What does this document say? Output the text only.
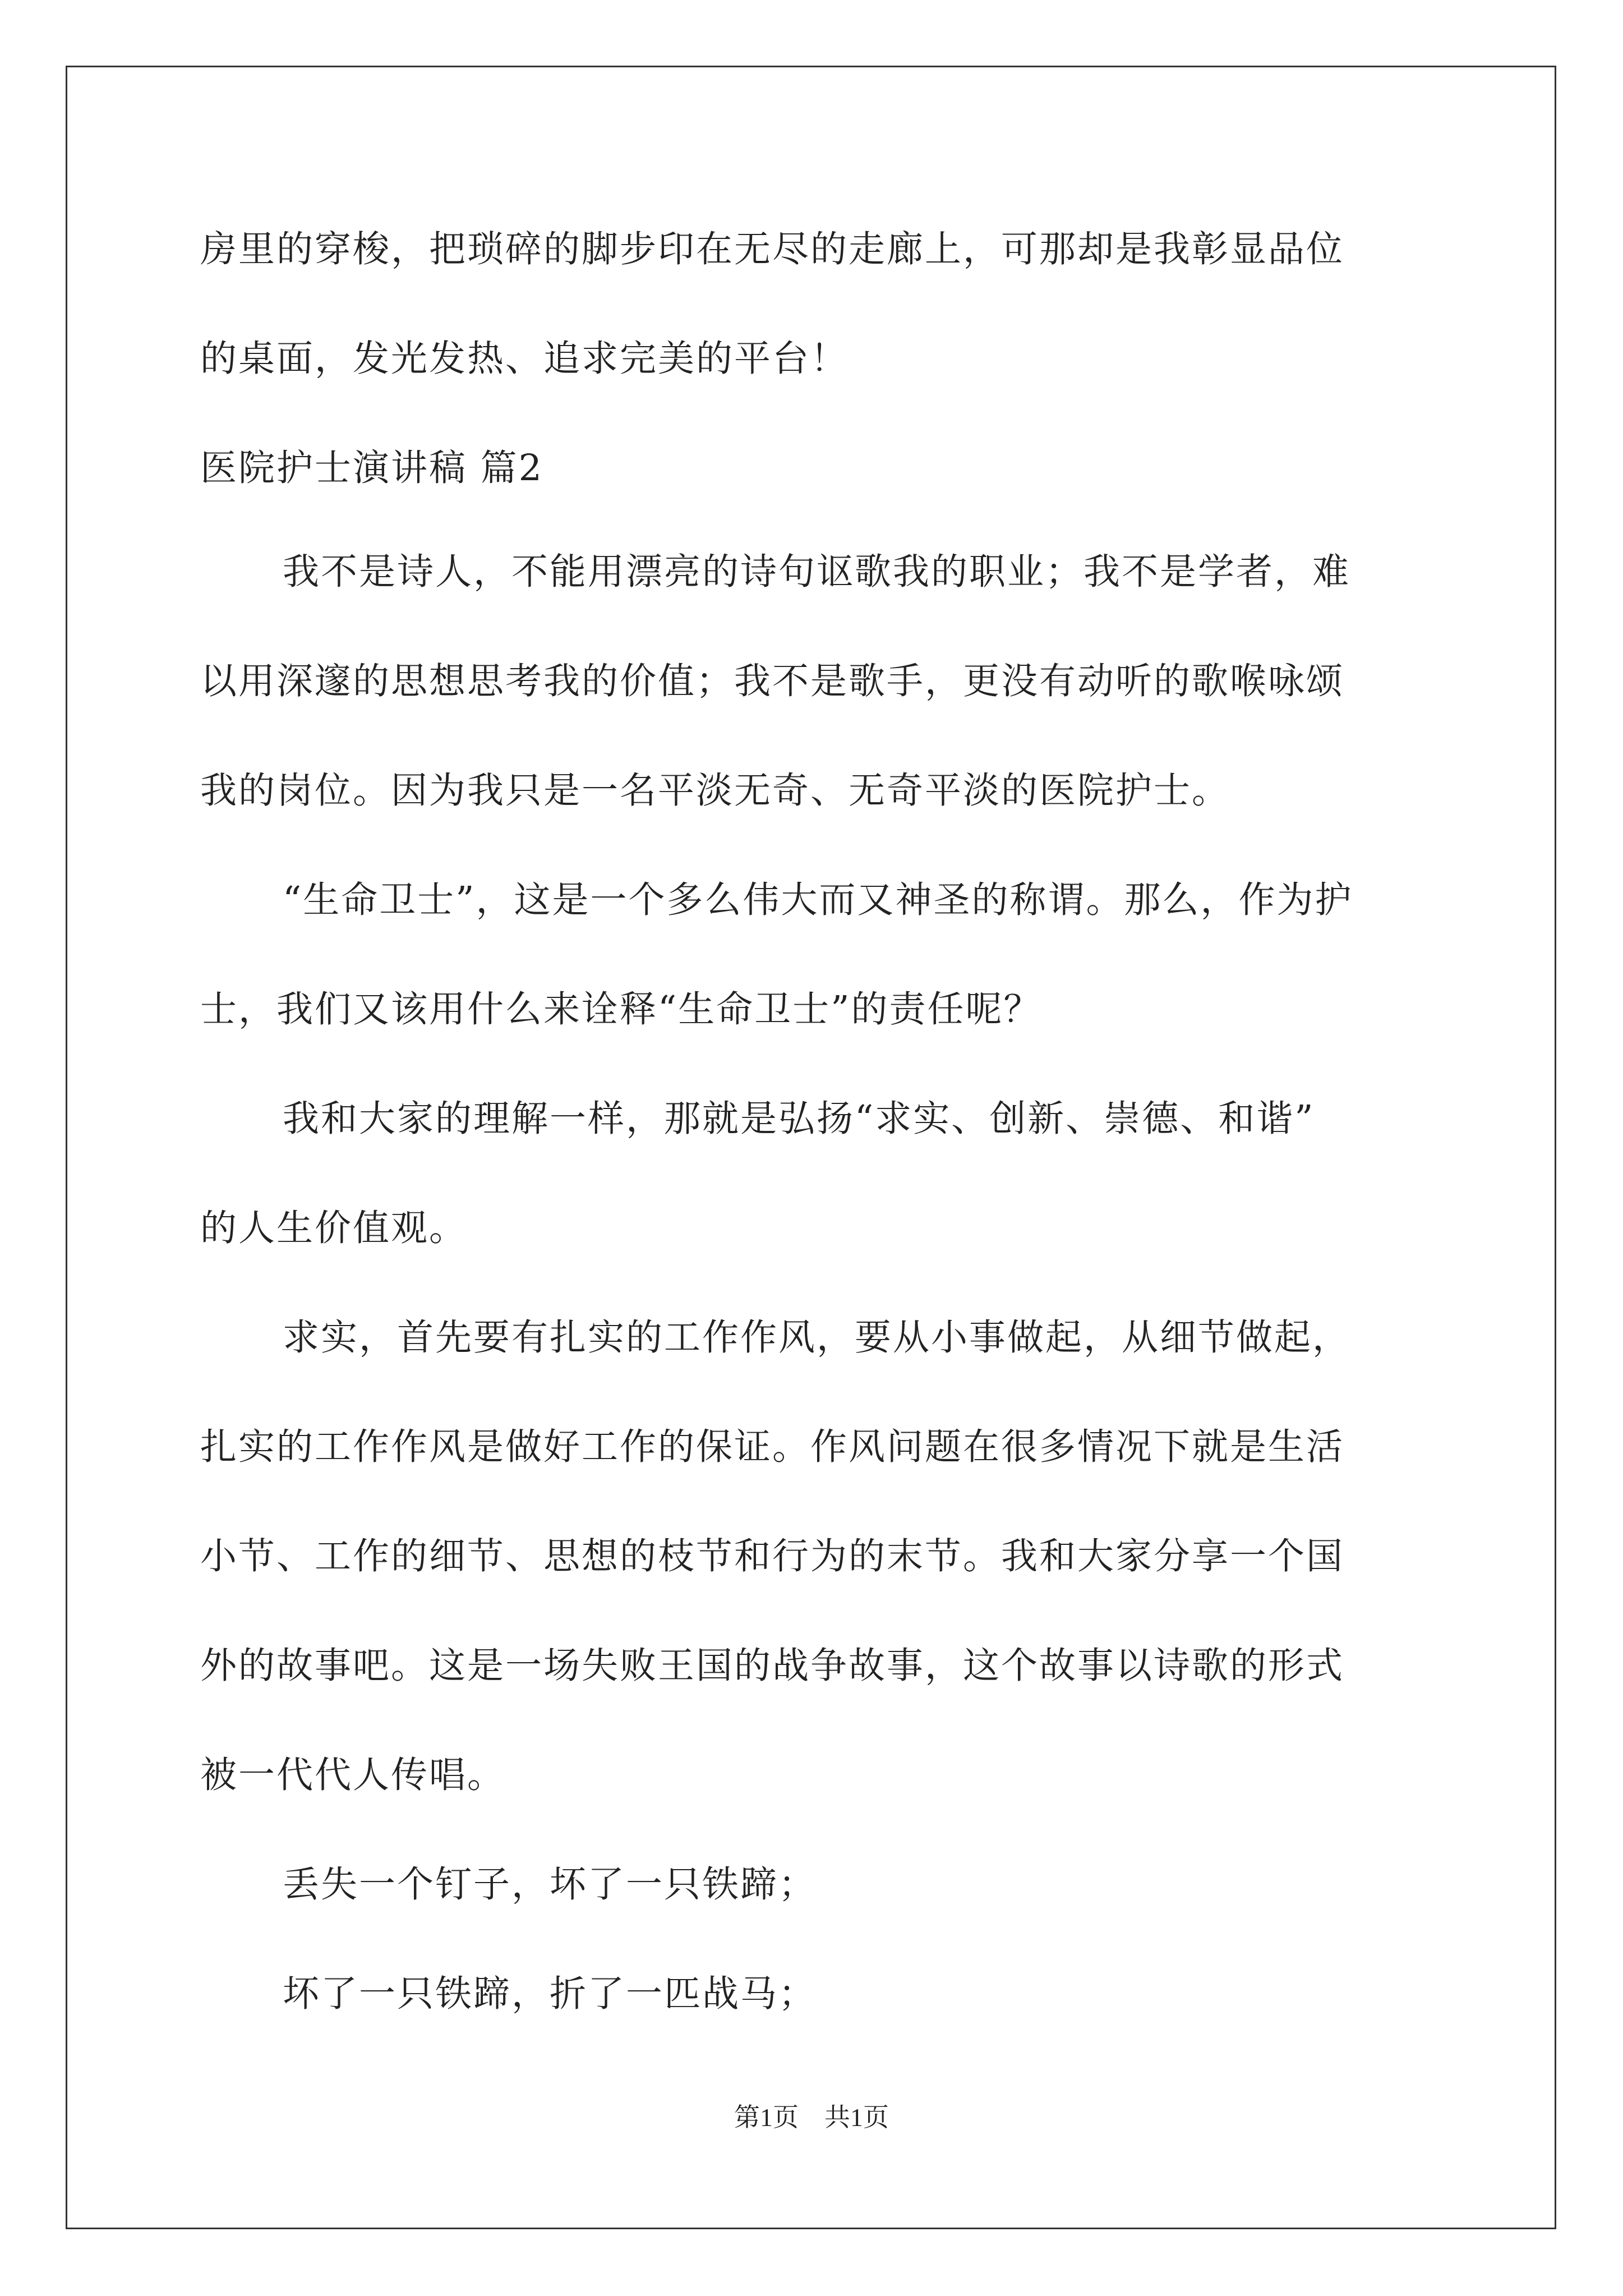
房里的穿梭，把琐碎的脚步印在无尽的走廊上，可那却是我彰显品位
的桌面，发光发热、追求完美的平台！
医院护士演讲稿 篇2
我不是诗人，不能用漂亮的诗句讴歌我的职业；我不是学者，难
以用深邃的思想思考我的价值；我不是歌手，更没有动听的歌喉咏颂
我的岗位。因为我只是一名平淡无奇、无奇平淡的医院护士。
“生命卫士”，这是一个多么伟大而又神圣的称谓。那么，作为护
士，我们又该用什么来诠释“生命卫士”的责任呢？
我和大家的理解一样，那就是弘扬“求实、创新、崇德、和谐”
的人生价值观。
求实，首先要有扎实的工作作风，要从小事做起，从细节做起，
扎实的工作作风是做好工作的保证。作风问题在很多情况下就是生活
小节、工作的细节、思想的枝节和行为的末节。我和大家分享一个国
外的故事吧。这是一场失败王国的战争故事，这个故事以诗歌的形式
被一代代人传唱。
丢失一个钉子，坏了一只铁蹄；
坏了一只铁蹄，折了一匹战马；
第1页　共1页
